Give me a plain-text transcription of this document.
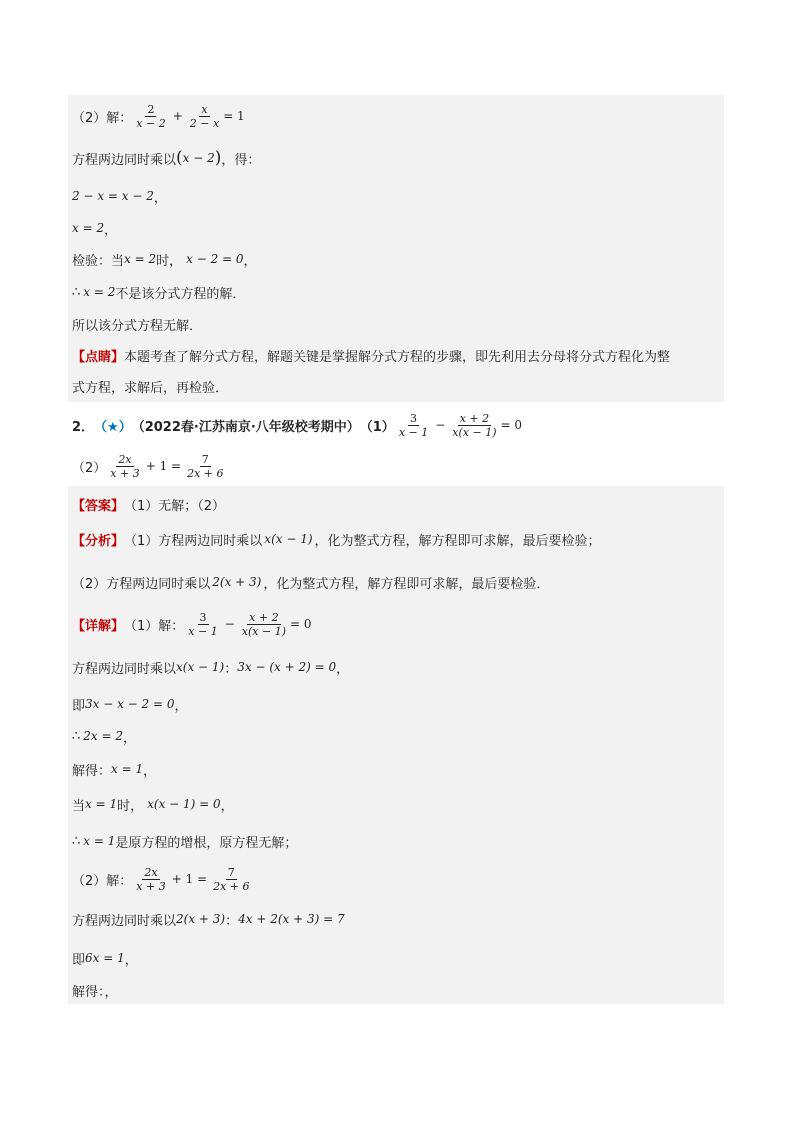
（2）解： $\frac{2}{x - 2} + \frac{x}{2 - x} = 1$
方程两边同时乘以 ( x − 2 ) ，得：
2 − x = x − 2 ，
x = 2 ，
检验：当 x = 2 时， x − 2 = 0 ，
∴ x = 2 不是该分式方程的解．
所以该分式方程无解．
【点睛】 本题考查了解分式方程，解题关键是掌握解分式方程的步骤，即先利用去分母将分式方程化为整
式方程，求解后，再检验．
2． （★） （2022春·江苏南京·八年级校考期中） $(1) \frac{3}{x - 1} - \frac{x + 2}{x(x - 1)} = 0$
$(2) \frac{2x}{x + 3} + 1 = \frac{7}{2x + 6}$
【答案】 （1）无解；（2）
【分析】 （1）方程两边同时乘以 x(x − 1) ，化为整式方程，解方程即可求解，最后要检验；
（2）方程两边同时乘以 2(x + 3) ，化为整式方程，解方程即可求解，最后要检验．
【详解】 （1）解： $\frac{3}{x - 1} - \frac{x + 2}{x(x - 1)} = 0$
方程两边同时乘以 x(x − 1) ： 3x − (x + 2) = 0 ，
即 3x − x − 2 = 0 ，
∴ 2x = 2 ，
解得： x = 1 ，
当 x = 1 时， x(x − 1) = 0 ，
∴ x = 1 是原方程的增根，原方程无解；
（2）解： $\frac{2x}{x + 3} + 1 = \frac{7}{2x + 6}$
方程两边同时乘以 2(x + 3) ： 4x + 2(x + 3) = 7
即 6x = 1 ，
解得：，
